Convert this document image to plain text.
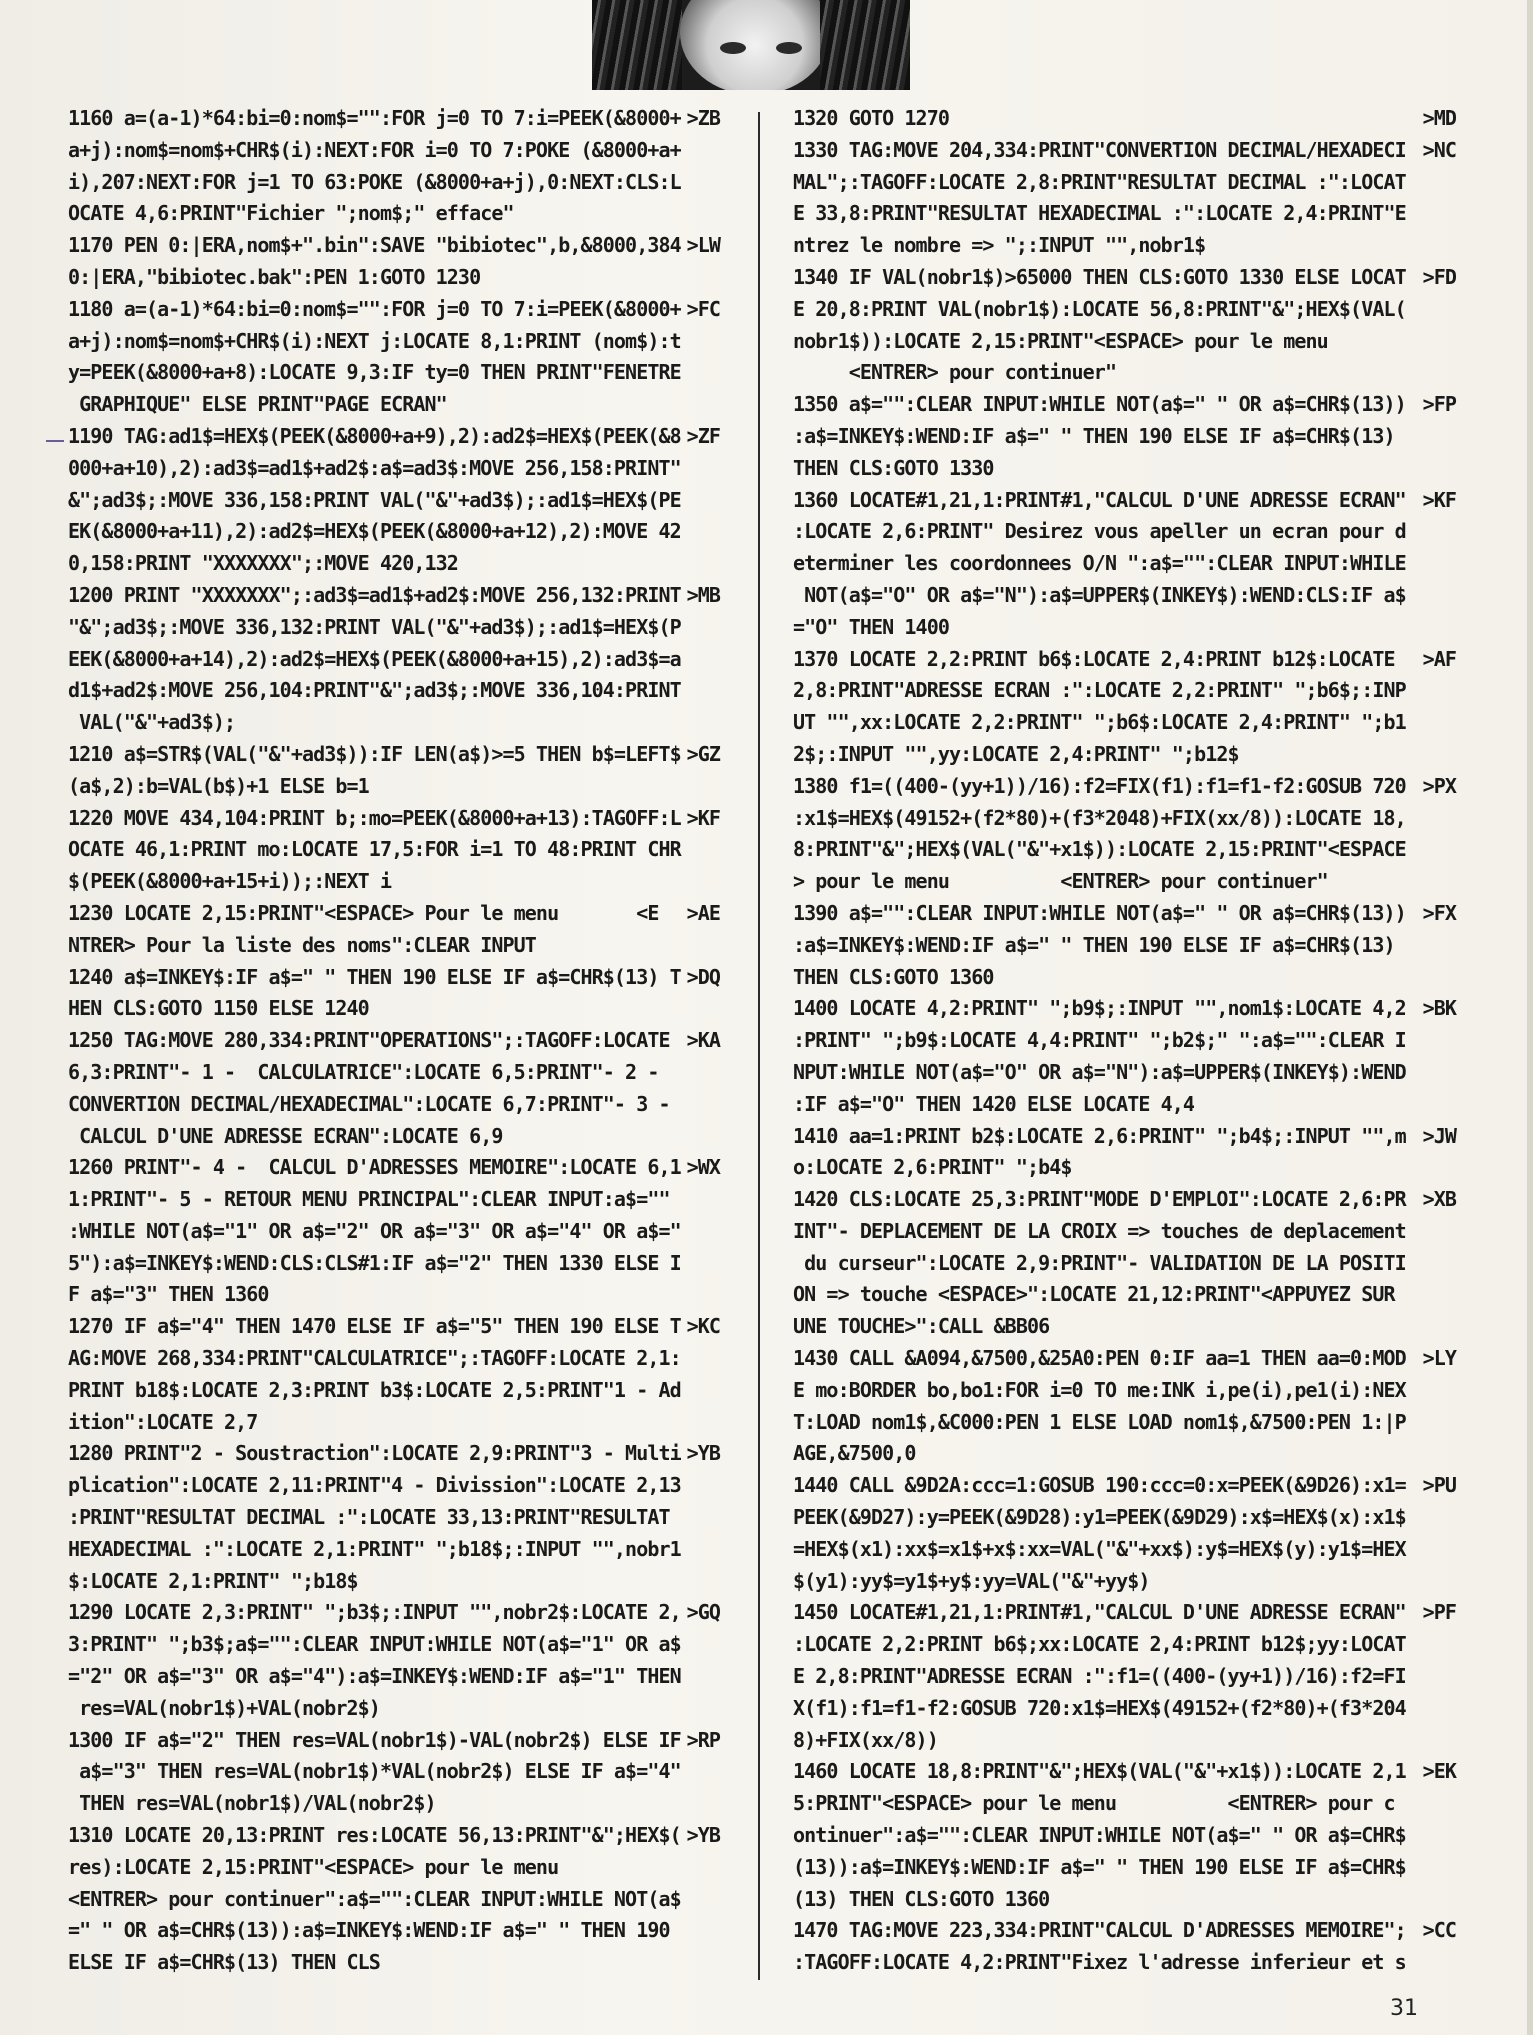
1160 a=(a-1)*64:bi=0:nom$="":FOR j=0 TO 7:i=PEEK(&8000+ >ZB
a+j):nom$=nom$+CHR$(i):NEXT:FOR i=0 TO 7:POKE (&8000+a+
i),207:NEXT:FOR j=1 TO 63:POKE (&8000+a+j),0:NEXT:CLS:L
OCATE 4,6:PRINT"Fichier ";nom$;" efface"
1170 PEN 0:|ERA,nom$+".bin":SAVE "bibiotec",b,&8000,384 >LW
0:|ERA,"bibiotec.bak":PEN 1:GOTO 1230
1180 a=(a-1)*64:bi=0:nom$="":FOR j=0 TO 7:i=PEEK(&8000+ >FC
a+j):nom$=nom$+CHR$(i):NEXT j:LOCATE 8,1:PRINT (nom$):t
y=PEEK(&8000+a+8):LOCATE 9,3:IF ty=0 THEN PRINT"FENETRE
GRAPHIQUE" ELSE PRINT"PAGE ECRAN"
1190 TAG:ad1$=HEX$(PEEK(&8000+a+9),2):ad2$=HEX$(PEEK(&8 >ZF
000+a+10),2):ad3$=ad1$+ad2$:a$=ad3$:MOVE 256,158:PRINT"
&";ad3$;:MOVE 336,158:PRINT VAL("&"+ad3$);:ad1$=HEX$(PE
EK(&8000+a+11),2):ad2$=HEX$(PEEK(&8000+a+12),2):MOVE 42
0,158:PRINT "XXXXXXX";:MOVE 420,132
1200 PRINT "XXXXXXX";:ad3$=ad1$+ad2$:MOVE 256,132:PRINT >MB
"&";ad3$;:MOVE 336,132:PRINT VAL("&"+ad3$);:ad1$=HEX$(P
EEK(&8000+a+14),2):ad2$=HEX$(PEEK(&8000+a+15),2):ad3$=a
d1$+ad2$:MOVE 256,104:PRINT"&";ad3$;:MOVE 336,104:PRINT
VAL("&"+ad3$);
1210 a$=STR$(VAL("&"+ad3$)):IF LEN(a$)>=5 THEN b$=LEFT$ >GZ
(a$,2):b=VAL(b$)+1 ELSE b=1
1220 MOVE 434,104:PRINT b;:mo=PEEK(&8000+a+13):TAGOFF:L >KF
OCATE 46,1:PRINT mo:LOCATE 17,5:FOR i=1 TO 48:PRINT CHR
$(PEEK(&8000+a+15+i));:NEXT i
1230 LOCATE 2,15:PRINT"<ESPACE> Pour le menu       <E >AE
NTRER> Pour la liste des noms":CLEAR INPUT
1240 a$=INKEY$:IF a$=" " THEN 190 ELSE IF a$=CHR$(13) T >DQ
HEN CLS:GOTO 1150 ELSE 1240
1250 TAG:MOVE 280,334:PRINT"OPERATIONS";:TAGOFF:LOCATE >KA
6,3:PRINT"- 1 -  CALCULATRICE":LOCATE 6,5:PRINT"- 2 -
CONVERTION DECIMAL/HEXADECIMAL":LOCATE 6,7:PRINT"- 3 -
CALCUL D'UNE ADRESSE ECRAN":LOCATE 6,9
1260 PRINT"- 4 -  CALCUL D'ADRESSES MEMOIRE":LOCATE 6,1 >WX
1:PRINT"- 5 - RETOUR MENU PRINCIPAL":CLEAR INPUT:a$=""
:WHILE NOT(a$="1" OR a$="2" OR a$="3" OR a$="4" OR a$="
5"):a$=INKEY$:WEND:CLS:CLS#1:IF a$="2" THEN 1330 ELSE I
F a$="3" THEN 1360
1270 IF a$="4" THEN 1470 ELSE IF a$="5" THEN 190 ELSE T >KC
AG:MOVE 268,334:PRINT"CALCULATRICE";:TAGOFF:LOCATE 2,1:
PRINT b18$:LOCATE 2,3:PRINT b3$:LOCATE 2,5:PRINT"1 - Ad
ition":LOCATE 2,7
1280 PRINT"2 - Soustraction":LOCATE 2,9:PRINT"3 - Multi >YB
plication":LOCATE 2,11:PRINT"4 - Divission":LOCATE 2,13
:PRINT"RESULTAT DECIMAL :":LOCATE 33,13:PRINT"RESULTAT
HEXADECIMAL :":LOCATE 2,1:PRINT" ";b18$;:INPUT "",nobr1
$:LOCATE 2,1:PRINT" ";b18$
1290 LOCATE 2,3:PRINT" ";b3$;:INPUT "",nobr2$:LOCATE 2, >GQ
3:PRINT" ";b3$;a$="":CLEAR INPUT:WHILE NOT(a$="1" OR a$
="2" OR a$="3" OR a$="4"):a$=INKEY$:WEND:IF a$="1" THEN
res=VAL(nobr1$)+VAL(nobr2$)
1300 IF a$="2" THEN res=VAL(nobr1$)-VAL(nobr2$) ELSE IF >RP
a$="3" THEN res=VAL(nobr1$)*VAL(nobr2$) ELSE IF a$="4"
THEN res=VAL(nobr1$)/VAL(nobr2$)
1310 LOCATE 20,13:PRINT res:LOCATE 56,13:PRINT"&";HEX$( >YB
res):LOCATE 2,15:PRINT"<ESPACE> pour le menu
<ENTRER> pour continuer":a$="":CLEAR INPUT:WHILE NOT(a$
=" " OR a$=CHR$(13)):a$=INKEY$:WEND:IF a$=" " THEN 190
ELSE IF a$=CHR$(13) THEN CLS
1320 GOTO 1270	>MD
1330 TAG:MOVE 204,334:PRINT"CONVERTION DECIMAL/HEXADECI >NC
MAL";:TAGOFF:LOCATE 2,8:PRINT"RESULTAT DECIMAL :":LOCAT
E 33,8:PRINT"RESULTAT HEXADECIMAL :":LOCATE 2,4:PRINT"E
ntrez le nombre => ";:INPUT "",nobr1$
1340 IF VAL(nobr1$)>65000 THEN CLS:GOTO 1330 ELSE LOCAT >FD
E 20,8:PRINT VAL(nobr1$):LOCATE 56,8:PRINT"&";HEX$(VAL(
nobr1$)):LOCATE 2,15:PRINT"<ESPACE> pour le menu
<ENTRER> pour continuer"
1350 a$="":CLEAR INPUT:WHILE NOT(a$=" " OR a$=CHR$(13)) >FP
:a$=INKEY$:WEND:IF a$=" " THEN 190 ELSE IF a$=CHR$(13)
THEN CLS:GOTO 1330
1360 LOCATE#1,21,1:PRINT#1,"CALCUL D'UNE ADRESSE ECRAN" >KF
:LOCATE 2,6:PRINT" Desirez vous apeller un ecran pour d
eterminer les coordonnees O/N ":a$="":CLEAR INPUT:WHILE
NOT(a$="O" OR a$="N"):a$=UPPER$(INKEY$):WEND:CLS:IF a$
="O" THEN 1400
1370 LOCATE 2,2:PRINT b6$:LOCATE 2,4:PRINT b12$:LOCATE >AF
2,8:PRINT"ADRESSE ECRAN :":LOCATE 2,2:PRINT" ";b6$;:INP
UT "",xx:LOCATE 2,2:PRINT" ";b6$:LOCATE 2,4:PRINT" ";b1
2$;:INPUT "",yy:LOCATE 2,4:PRINT" ";b12$
1380 f1=((400-(yy+1))/16):f2=FIX(f1):f1=f1-f2:GOSUB 720 >PX
:x1$=HEX$(49152+(f2*80)+(f3*2048)+FIX(xx/8)):LOCATE 18,
8:PRINT"&";HEX$(VAL("&"+x1$)):LOCATE 2,15:PRINT"<ESPACE
> pour le menu          <ENTRER> pour continuer"
1390 a$="":CLEAR INPUT:WHILE NOT(a$=" " OR a$=CHR$(13)) >FX
:a$=INKEY$:WEND:IF a$=" " THEN 190 ELSE IF a$=CHR$(13)
THEN CLS:GOTO 1360
1400 LOCATE 4,2:PRINT" ";b9$;:INPUT "",nom1$:LOCATE 4,2 >BK
:PRINT" ";b9$:LOCATE 4,4:PRINT" ";b2$;" ":a$="":CLEAR I
NPUT:WHILE NOT(a$="O" OR a$="N"):a$=UPPER$(INKEY$):WEND
:IF a$="O" THEN 1420 ELSE LOCATE 4,4
1410 aa=1:PRINT b2$:LOCATE 2,6:PRINT" ";b4$;:INPUT "",m >JW
o:LOCATE 2,6:PRINT" ";b4$
1420 CLS:LOCATE 25,3:PRINT"MODE D'EMPLOI":LOCATE 2,6:PR >XB
INT"- DEPLACEMENT DE LA CROIX => touches de deplacement
du curseur":LOCATE 2,9:PRINT"- VALIDATION DE LA POSITI
ON => touche <ESPACE>":LOCATE 21,12:PRINT"<APPUYEZ SUR
UNE TOUCHE>":CALL &BB06
1430 CALL &A094,&7500,&25A0:PEN 0:IF aa=1 THEN aa=0:MOD >LY
E mo:BORDER bo,bo1:FOR i=0 TO me:INK i,pe(i),pe1(i):NEX
T:LOAD nom1$,&C000:PEN 1 ELSE LOAD nom1$,&7500:PEN 1:|P
AGE,&7500,0
1440 CALL &9D2A:ccc=1:GOSUB 190:ccc=0:x=PEEK(&9D26):x1= >PU
PEEK(&9D27):y=PEEK(&9D28):y1=PEEK(&9D29):x$=HEX$(x):x1$
=HEX$(x1):xx$=x1$+x$:xx=VAL("&"+xx$):y$=HEX$(y):y1$=HEX
$(y1):yy$=y1$+y$:yy=VAL("&"+yy$)
1450 LOCATE#1,21,1:PRINT#1,"CALCUL D'UNE ADRESSE ECRAN" >PF
:LOCATE 2,2:PRINT b6$;xx:LOCATE 2,4:PRINT b12$;yy:LOCAT
E 2,8:PRINT"ADRESSE ECRAN :":f1=((400-(yy+1))/16):f2=FI
X(f1):f1=f1-f2:GOSUB 720:x1$=HEX$(49152+(f2*80)+(f3*204
8)+FIX(xx/8))
1460 LOCATE 18,8:PRINT"&";HEX$(VAL("&"+x1$)):LOCATE 2,1 >EK
5:PRINT"<ESPACE> pour le menu          <ENTRER> pour c
ontinuer":a$="":CLEAR INPUT:WHILE NOT(a$=" " OR a$=CHR$
(13)):a$=INKEY$:WEND:IF a$=" " THEN 190 ELSE IF a$=CHR$
(13) THEN CLS:GOTO 1360
1470 TAG:MOVE 223,334:PRINT"CALCUL D'ADRESSES MEMOIRE"; >CC
:TAGOFF:LOCATE 4,2:PRINT"Fixez l'adresse inferieur et s
31
